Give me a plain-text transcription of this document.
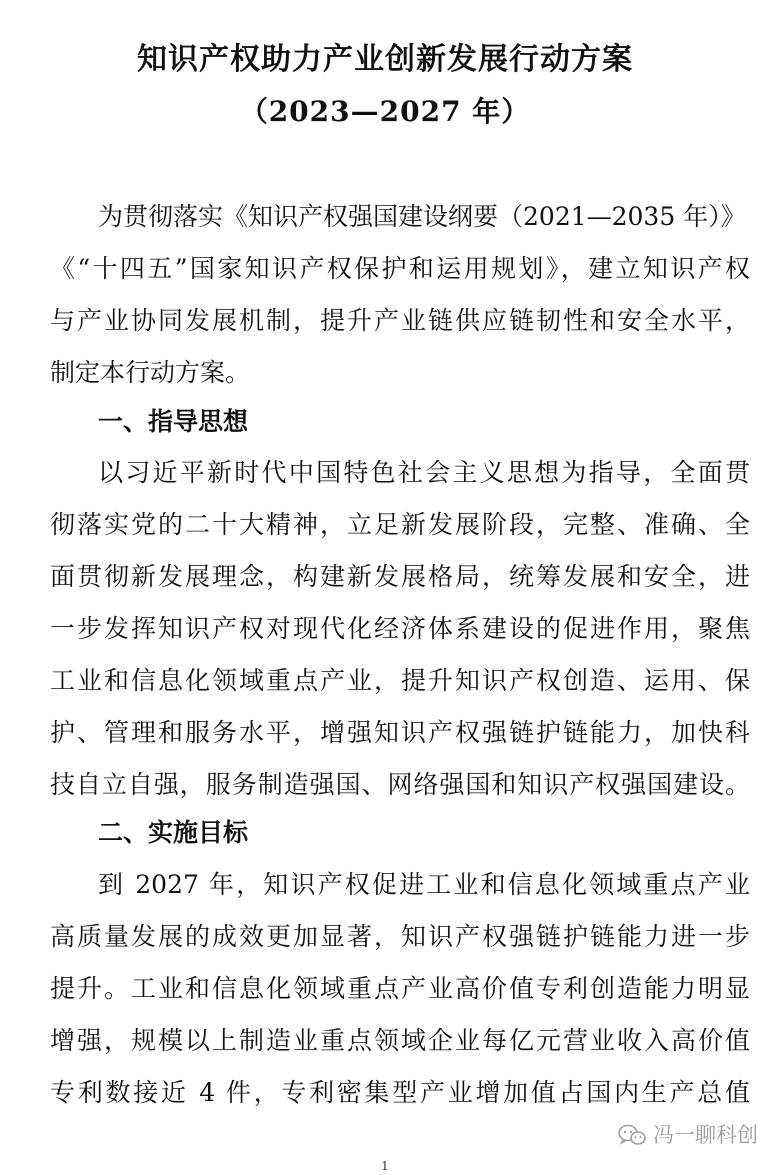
知识产权助力产业创新发展行动方案
（2023—2027 年）
为贯彻落实《知识产权强国建设纲要（2021—2035 年）》
《“十四五”国家知识产权保护和运用规划》，建立知识产权
与产业协同发展机制，提升产业链供应链韧性和安全水平，
制定本行动方案。
一、指导思想
以习近平新时代中国特色社会主义思想为指导，全面贯
彻落实党的二十大精神，立足新发展阶段，完整、准确、全
面贯彻新发展理念，构建新发展格局，统筹发展和安全，进
一步发挥知识产权对现代化经济体系建设的促进作用，聚焦
工业和信息化领域重点产业，提升知识产权创造、运用、保
护、管理和服务水平，增强知识产权强链护链能力，加快科
技自立自强，服务制造强国、网络强国和知识产权强国建设。
二、实施目标
到 2027 年，知识产权促进工业和信息化领域重点产业
高质量发展的成效更加显著，知识产权强链护链能力进一步
提升。工业和信息化领域重点产业高价值专利创造能力明显
增强，规模以上制造业重点领域企业每亿元营业收入高价值
专利数接近 4 件，专利密集型产业增加值占国内生产总值
冯一聊科创
1
